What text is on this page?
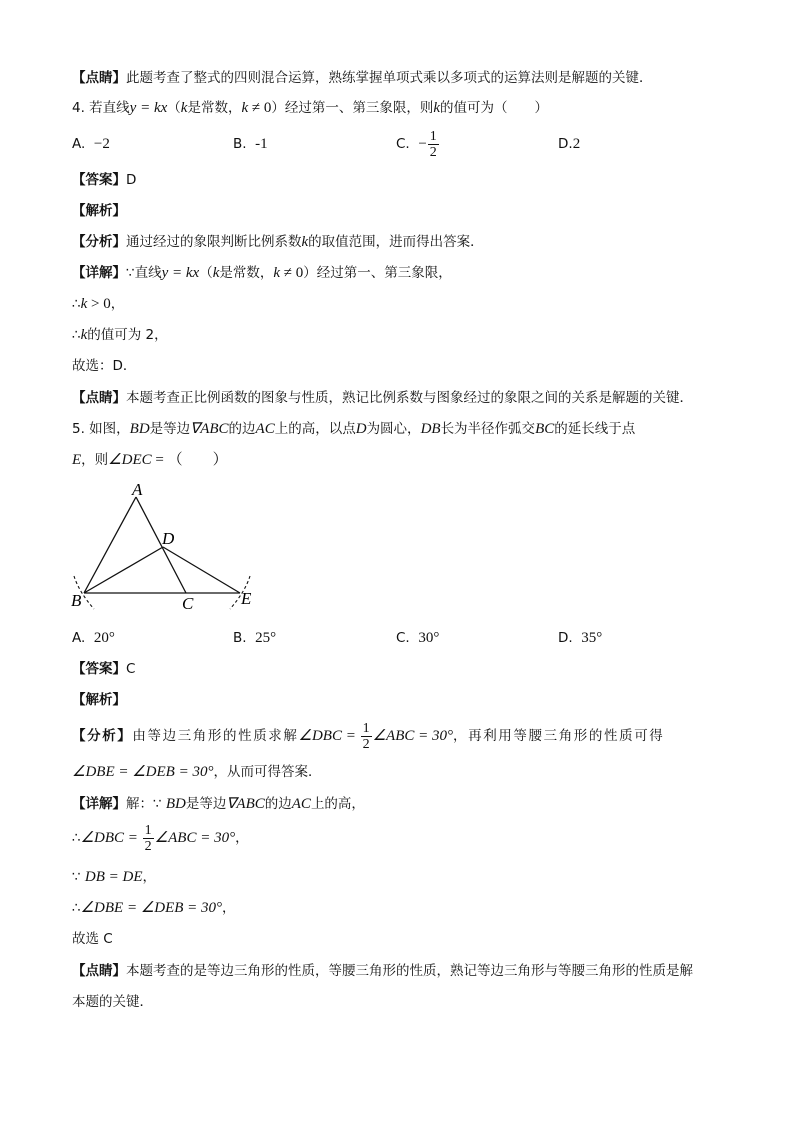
【点睛】此题考查了整式的四则混合运算，熟练掌握单项式乘以多项式的运算法则是解题的关键．
4. 若直线y = kx（k是常数，k ≠ 0）经过第一、第三象限，则k的值可为（　　）
A. −2	B. -1	C. − $\frac{1}{2}$	D.2
【答案】D
【解析】
【分析】通过经过的象限判断比例系数k的取值范围，进而得出答案．
【详解】∵直线y = kx（k是常数，k ≠ 0）经过第一、第三象限，
∴k > 0，
∴k的值可为 2，
故选：D．
【点睛】本题考查正比例函数的图象与性质，熟记比例系数与图象经过的象限之间的关系是解题的关键．
5. 如图，BD是等边∇ABC的边AC上的高，以点D为圆心，DB长为半径作弧交BC的延长线于点
E，则∠DEC = （　　）
A
D
B	C	E
A. 20°	B. 25°	C. 30°	D. 35°
【答案】C
【解析】
【分析】由等边三角形的性质求解∠DBC = $\frac{1}{2}$ ∠ABC = 30°，再利用等腰三角形的性质可得
∠DBE = ∠DEB = 30°，从而可得答案．
【详解】解：∵ BD是等边∇ABC的边AC上的高，
∴∠DBC = $\frac{1}{2}$ ∠ABC = 30°，
∵ DB = DE，
∴∠DBE = ∠DEB = 30°，
故选 C
【点睛】本题考查的是等边三角形的性质，等腰三角形的性质，熟记等边三角形与等腰三角形的性质是解
本题的关键．
